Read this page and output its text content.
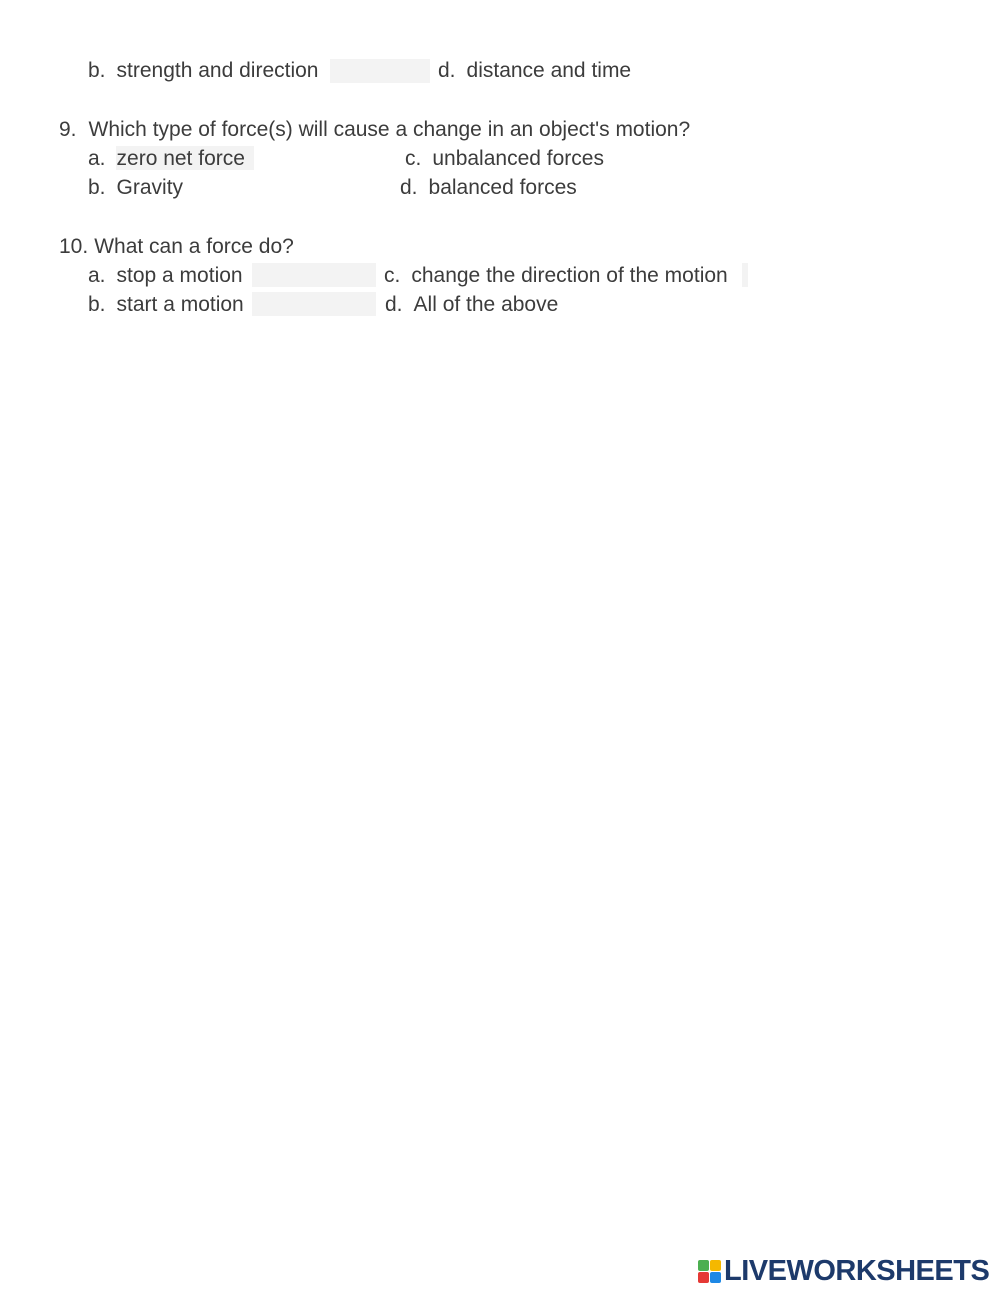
b. strength and direction	d. distance and time
9. Which type of force(s) will cause a change in an object's motion?
a. zero net force	c. unbalanced forces
b. Gravity	d. balanced forces
10. What can a force do?
a. stop a motion	c. change the direction of the motion
b. start a motion	d. All of the above
LIVEWORKSHEETS
